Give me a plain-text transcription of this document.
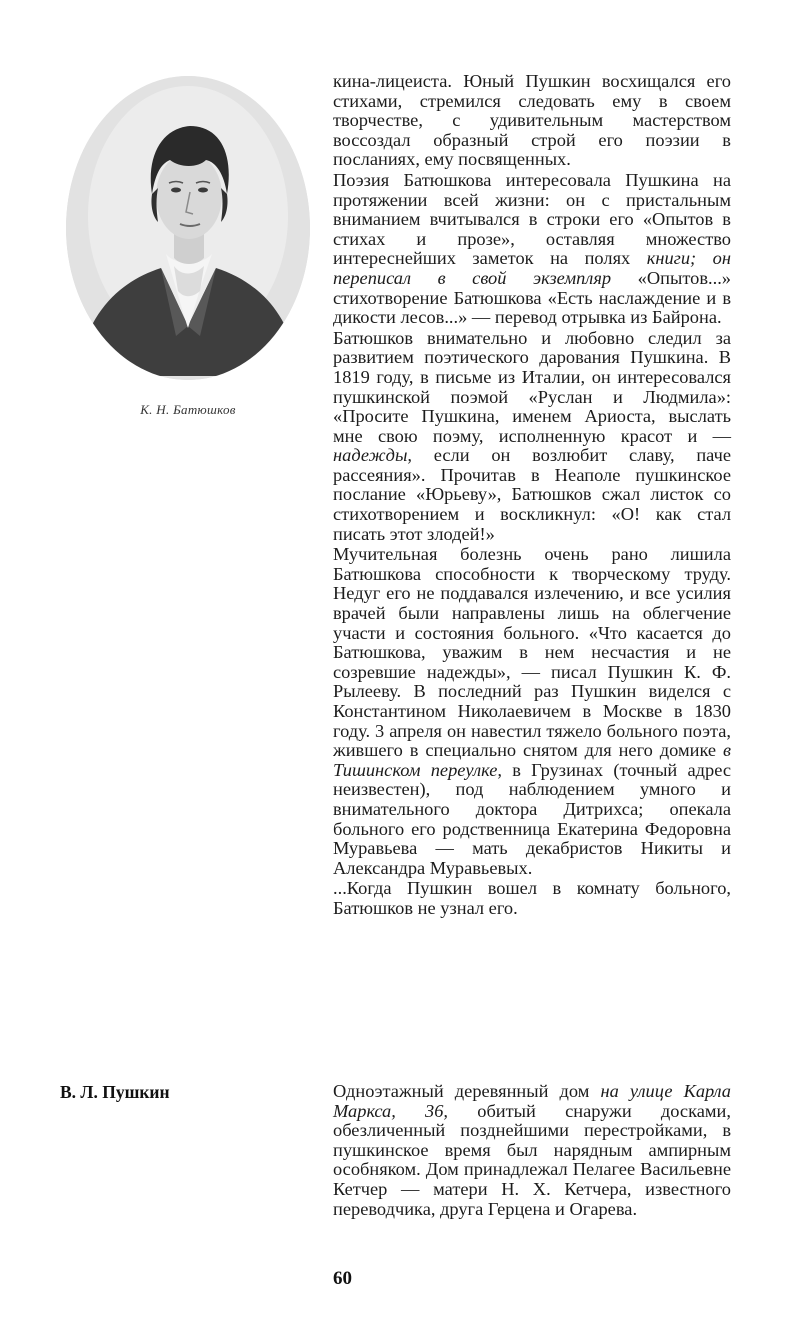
К. Н. Батюшков

кина-лицеиста. Юный Пушкин восхищался его стихами, стремился следовать ему в своем творчестве, с удивительным мастерством воссоздал образный строй его поэзии в посланиях, ему посвященных.

Поэзия Батюшкова интересовала Пушкина на протяжении всей жизни: он с пристальным вниманием вчитывался в строки его «Опытов в стихах и прозе», оставляя множество интереснейших заметок на полях книги; он переписал в свой экземпляр «Опытов...» стихотворение Батюшкова «Есть наслаждение и в дикости лесов...» — перевод отрывка из Байрона.

Батюшков внимательно и любовно следил за развитием поэтического дарования Пушкина. В 1819 году, в письме из Италии, он интересовался пушкинской поэмой «Руслан и Людмила»: «Просите Пушкина, именем Ариоста, выслать мне свою поэму, исполненную красот и — надежды, если он возлюбит славу, паче рассеяния». Прочитав в Неаполе пушкинское послание «Юрьеву», Батюшков сжал листок со стихотворением и воскликнул: «О! как стал писать этот злодей!»

Мучительная болезнь очень рано лишила Батюшкова способности к творческому труду. Недуг его не поддавался излечению, и все усилия врачей были направлены лишь на облегчение участи и состояния больного. «Что касается до Батюшкова, уважим в нем несчастия и не созревшие надежды», — писал Пушкин К. Ф. Рылееву. В последний раз Пушкин виделся с Константином Николаевичем в Москве в 1830 году. 3 апреля он навестил тяжело больного поэта, жившего в специально снятом для него домике в Тишинском переулке, в Грузинах (точный адрес неизвестен), под наблюдением умного и внимательного доктора Дитрихса; опекала больного его родственница Екатерина Федоровна Муравьева — мать декабристов Никиты и Александра Муравьевых.

...Когда Пушкин вошел в комнату больного, Батюшков не узнал его.

В. Л. Пушкин	Одноэтажный деревянный дом на улице Карла Маркса, 36, обитый снаружи досками, обезличенный позднейшими перестройками, в пушкинское время был нарядным ампирным особняком. Дом принадлежал Пелагее Васильевне Кетчер — матери Н. Х. Кетчера, известного переводчика, друга Герцена и Огарева.

60
